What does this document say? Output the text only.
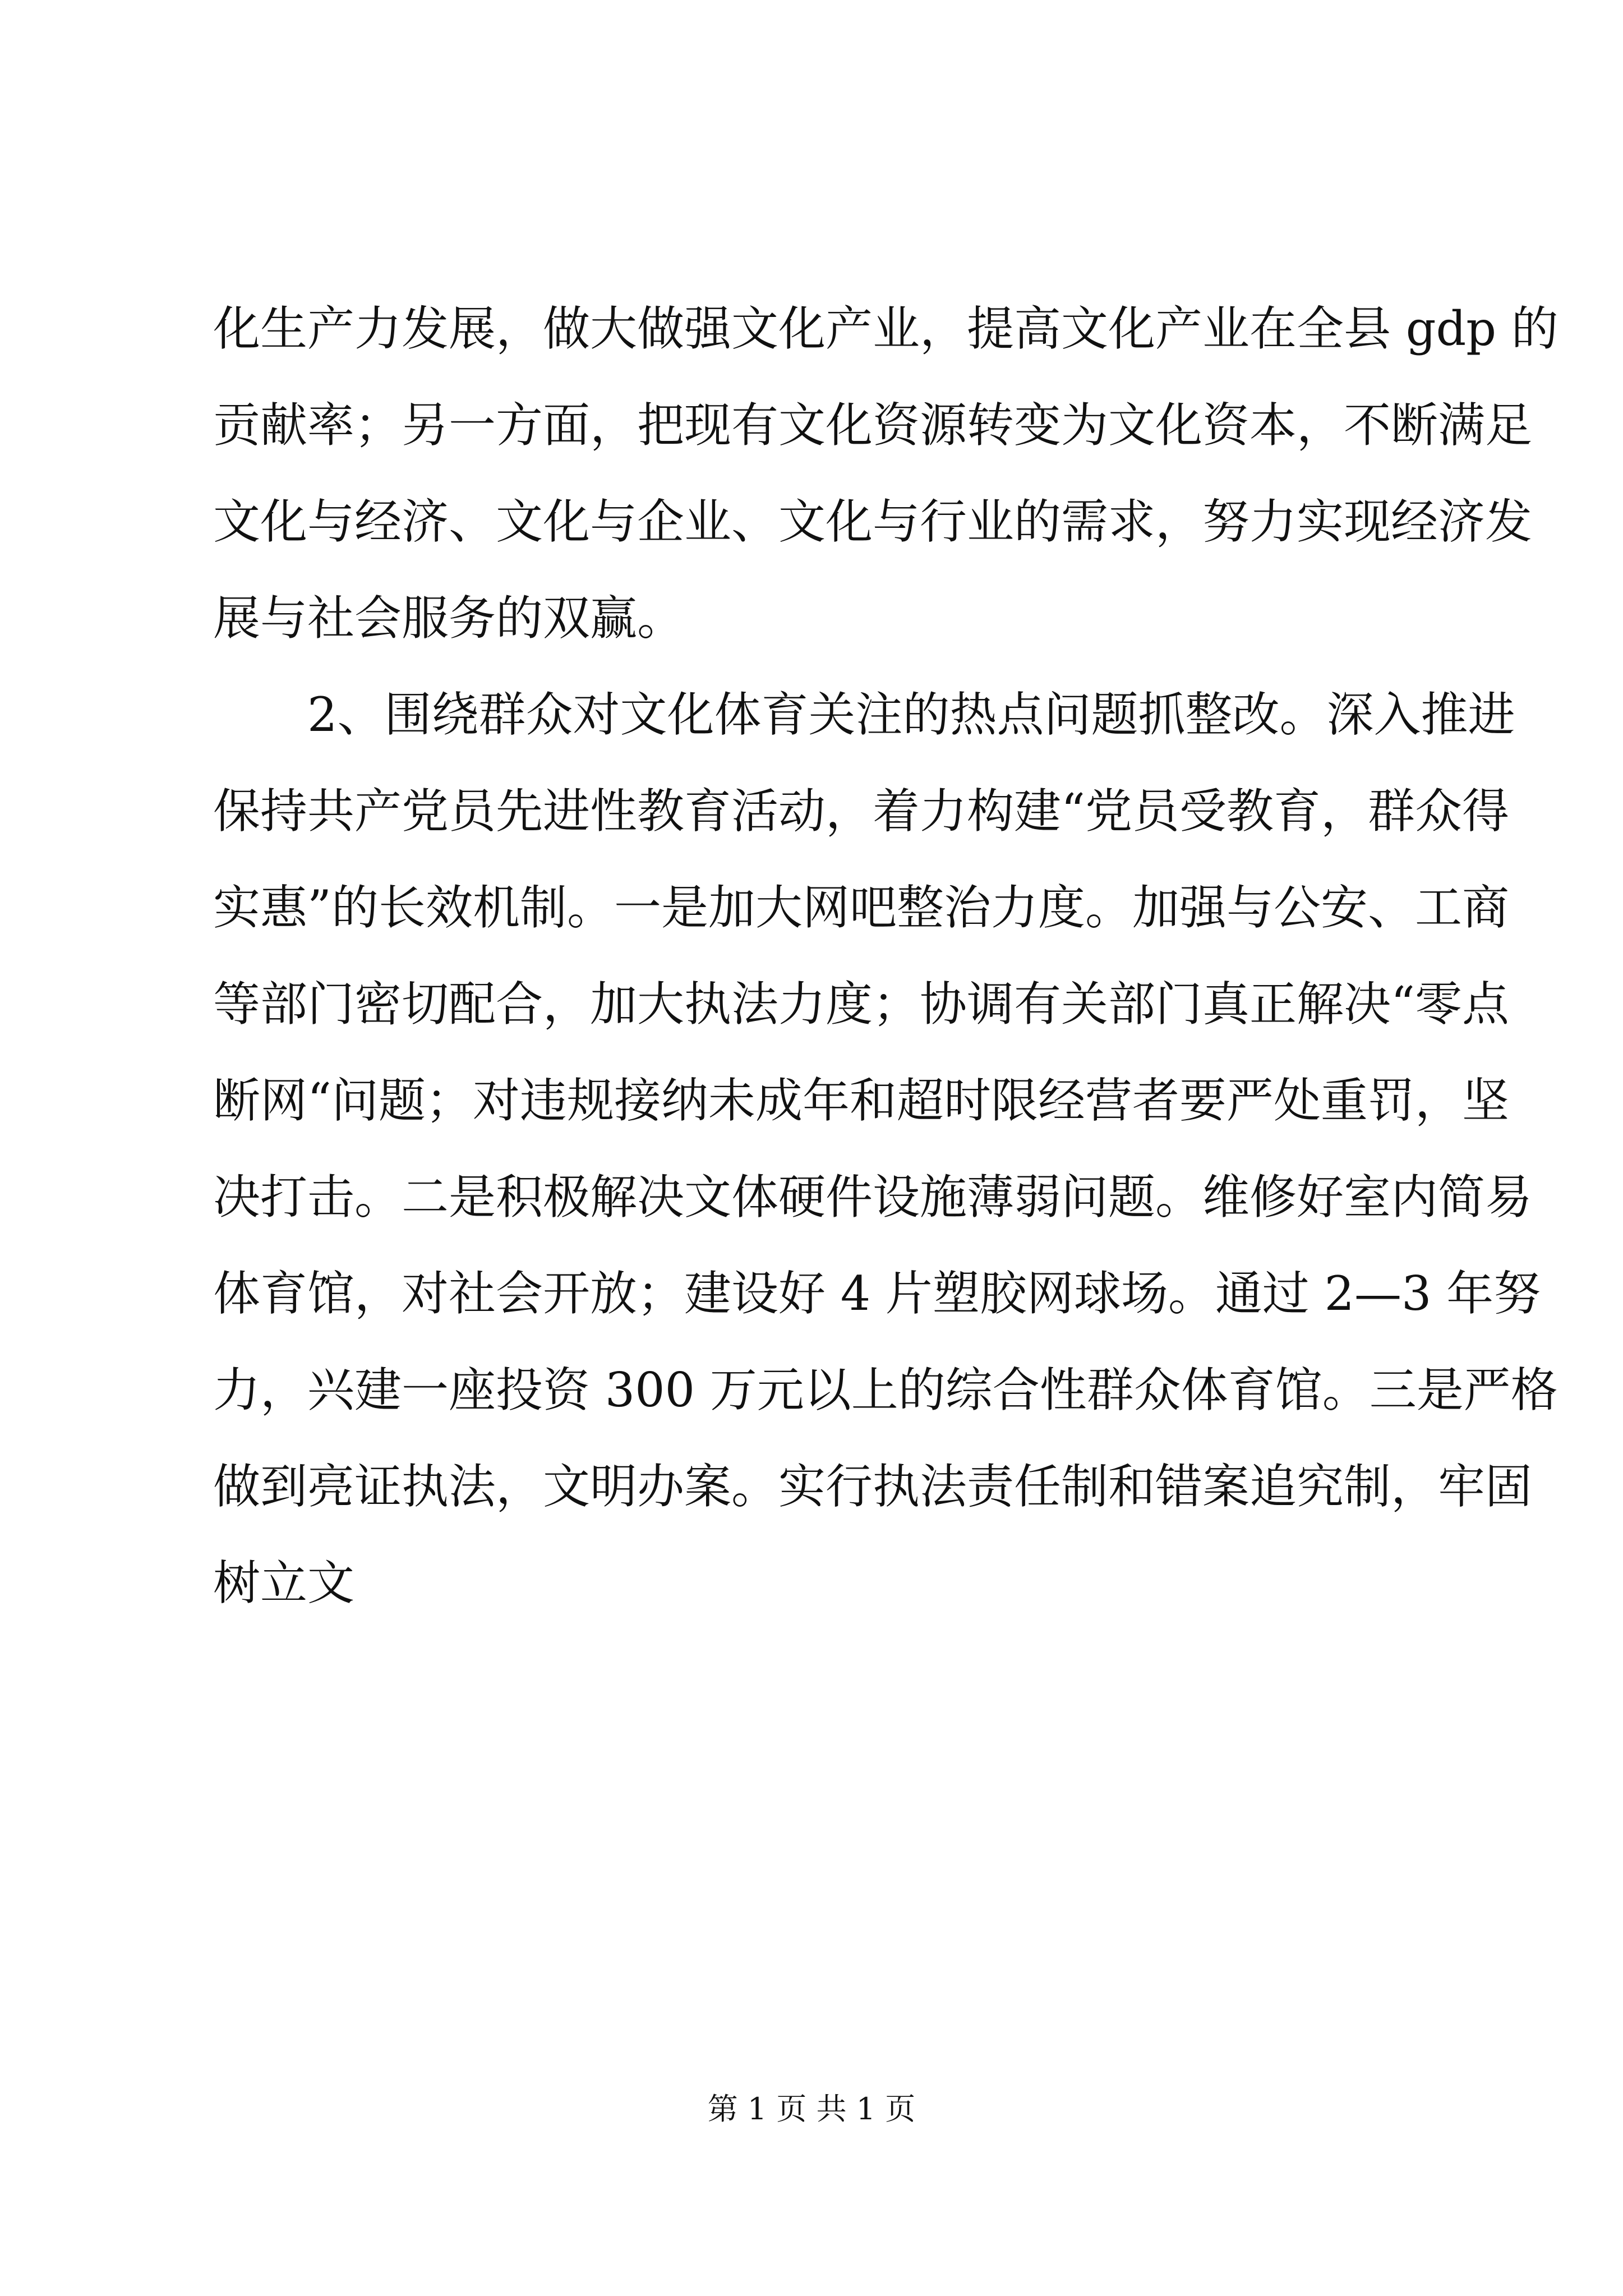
化生产力发展，做大做强文化产业，提高文化产业在全县 gdp 的
贡献率；另一方面，把现有文化资源转变为文化资本，不断满足
文化与经济、文化与企业、文化与行业的需求，努力实现经济发
展与社会服务的双赢。
2、围绕群众对文化体育关注的热点问题抓整改。深入推进
保持共产党员先进性教育活动，着力构建“党员受教育，群众得
实惠”的长效机制。一是加大网吧整治力度。加强与公安、工商
等部门密切配合，加大执法力度；协调有关部门真正解决“零点
断网“问题；对违规接纳未成年和超时限经营者要严处重罚，坚
决打击。二是积极解决文体硬件设施薄弱问题。维修好室内简易
体育馆，对社会开放；建设好 4 片塑胶网球场。通过 2—3 年努
力，兴建一座投资 300 万元以上的综合性群众体育馆。三是严格
做到亮证执法，文明办案。实行执法责任制和错案追究制，牢固
树立文
第 1 页 共 1 页
